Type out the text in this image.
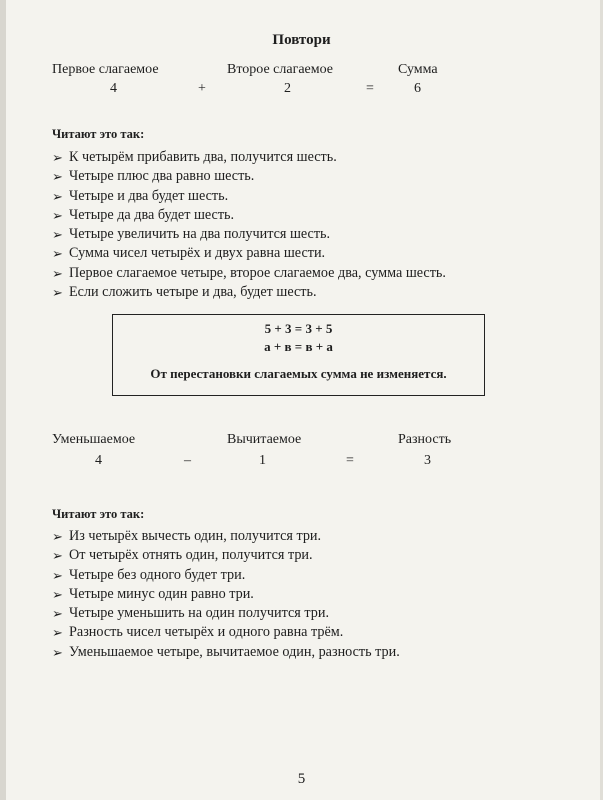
Повтори
Первое слагаемое	Второе слагаемое	Сумма
4	+	2	=	6
Читают это так:
➢ К четырём прибавить два, получится шесть.
➢ Четыре плюс два равно шесть.
➢ Четыре и два будет шесть.
➢ Четыре да два будет шесть.
➢ Четыре увеличить на два получится шесть.
➢ Сумма чисел четырёх и двух равна шести.
➢ Первое слагаемое четыре, второе слагаемое два, сумма шесть.
➢ Если сложить четыре и два, будет шесть.
5 + 3 = 3 + 5
а + в = в + а
От перестановки слагаемых сумма не изменяется.
Уменьшаемое	Вычитаемое	Разность
4	–	1	=	3
Читают это так:
➢ Из четырёх вычесть один, получится три.
➢ От четырёх отнять один, получится три.
➢ Четыре без одного будет три.
➢ Четыре минус один равно три.
➢ Четыре уменьшить на один получится три.
➢ Разность чисел четырёх и одного равна трём.
➢ Уменьшаемое четыре, вычитаемое один, разность три.
5
